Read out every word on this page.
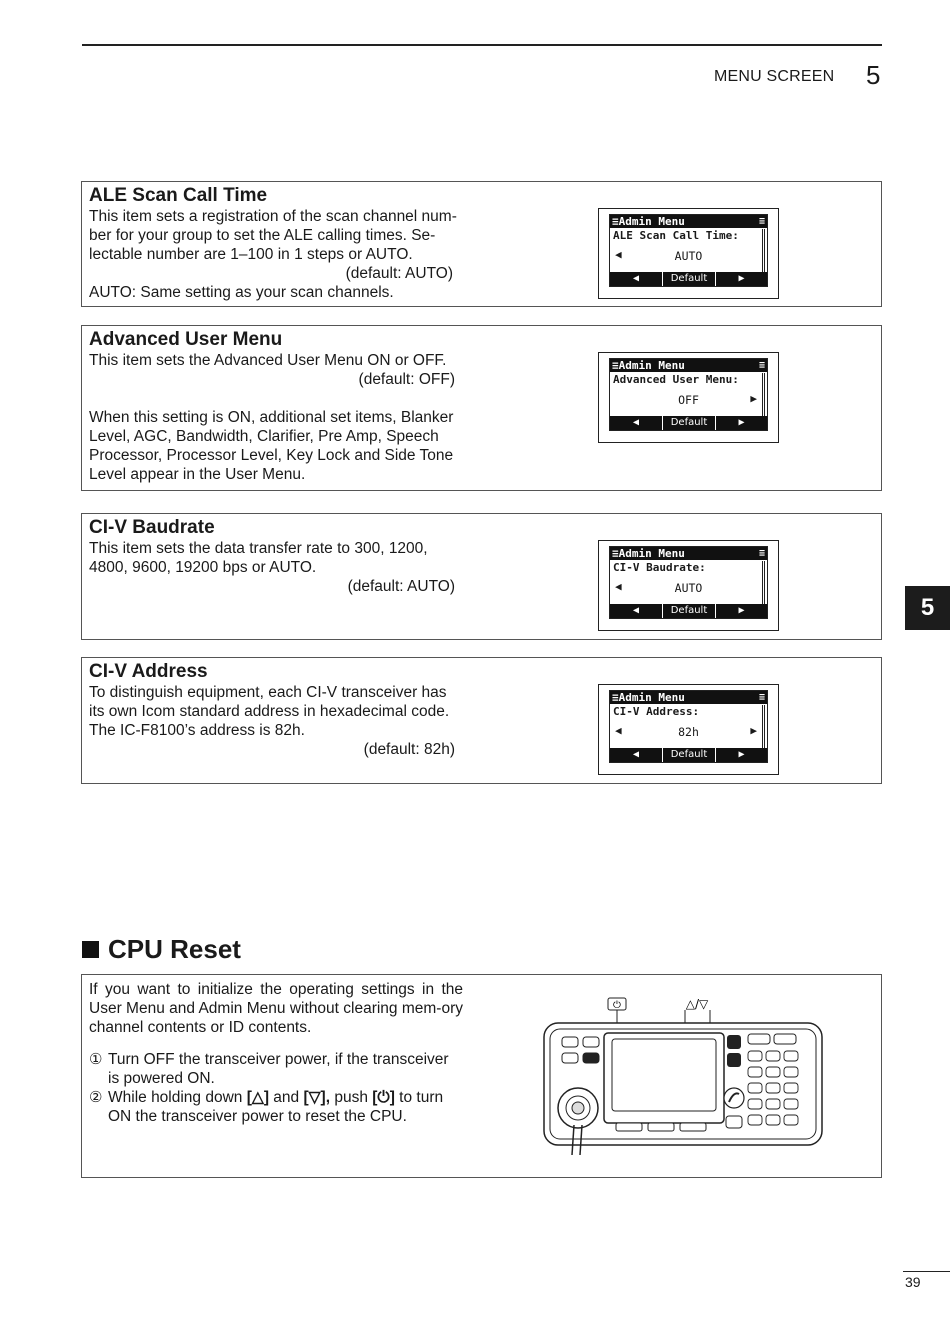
MENU SCREEN 5
5
ALE Scan Call Time

This item sets a registration of the scan channel num-

ber for your group to set the ALE calling times. Se-

lectable number are 1–100 in 1 steps or AUTO.

(default: AUTO)

AUTO: Same setting as your scan channels.

≡Admin Menu	≡
ALE Scan Call Time:
◀	AUTO
◀	Default	▶
Advanced User Menu

This item sets the Advanced User Menu ON or OFF.

(default: OFF)

When this setting is ON, additional set items, Blanker

Level, AGC, Bandwidth, Clarifier, Pre Amp, Speech

Processor, Processor Level, Key Lock and Side Tone

Level appear in the User Menu.

≡Admin Menu	≡
Advanced User Menu:
OFF	▶
◀	Default	▶
CI-V Baudrate

This item sets the data transfer rate to 300, 1200,

4800, 9600, 19200 bps or AUTO.

(default: AUTO)

≡Admin Menu	≡
CI-V Baudrate:
◀	AUTO
◀	Default	▶
CI-V Address

To distinguish equipment, each CI-V transceiver has

its own Icom standard address in hexadecimal code.

The IC-F8100’s address is 82h.

(default: 82h)

≡Admin Menu	≡
CI-V Address:
◀	82h	▶
◀	Default	▶
CPU Reset
If you want to initialize the operating settings in the User Menu and Admin Menu without clearing mem-ory channel contents or ID contents.
① Turn OFF the transceiver power, if the transceiver is powered ON.
② While holding down [△] and [▽], push [⏻] to turn ON the transceiver power to reset the CPU.
⏻	△/▽
39
